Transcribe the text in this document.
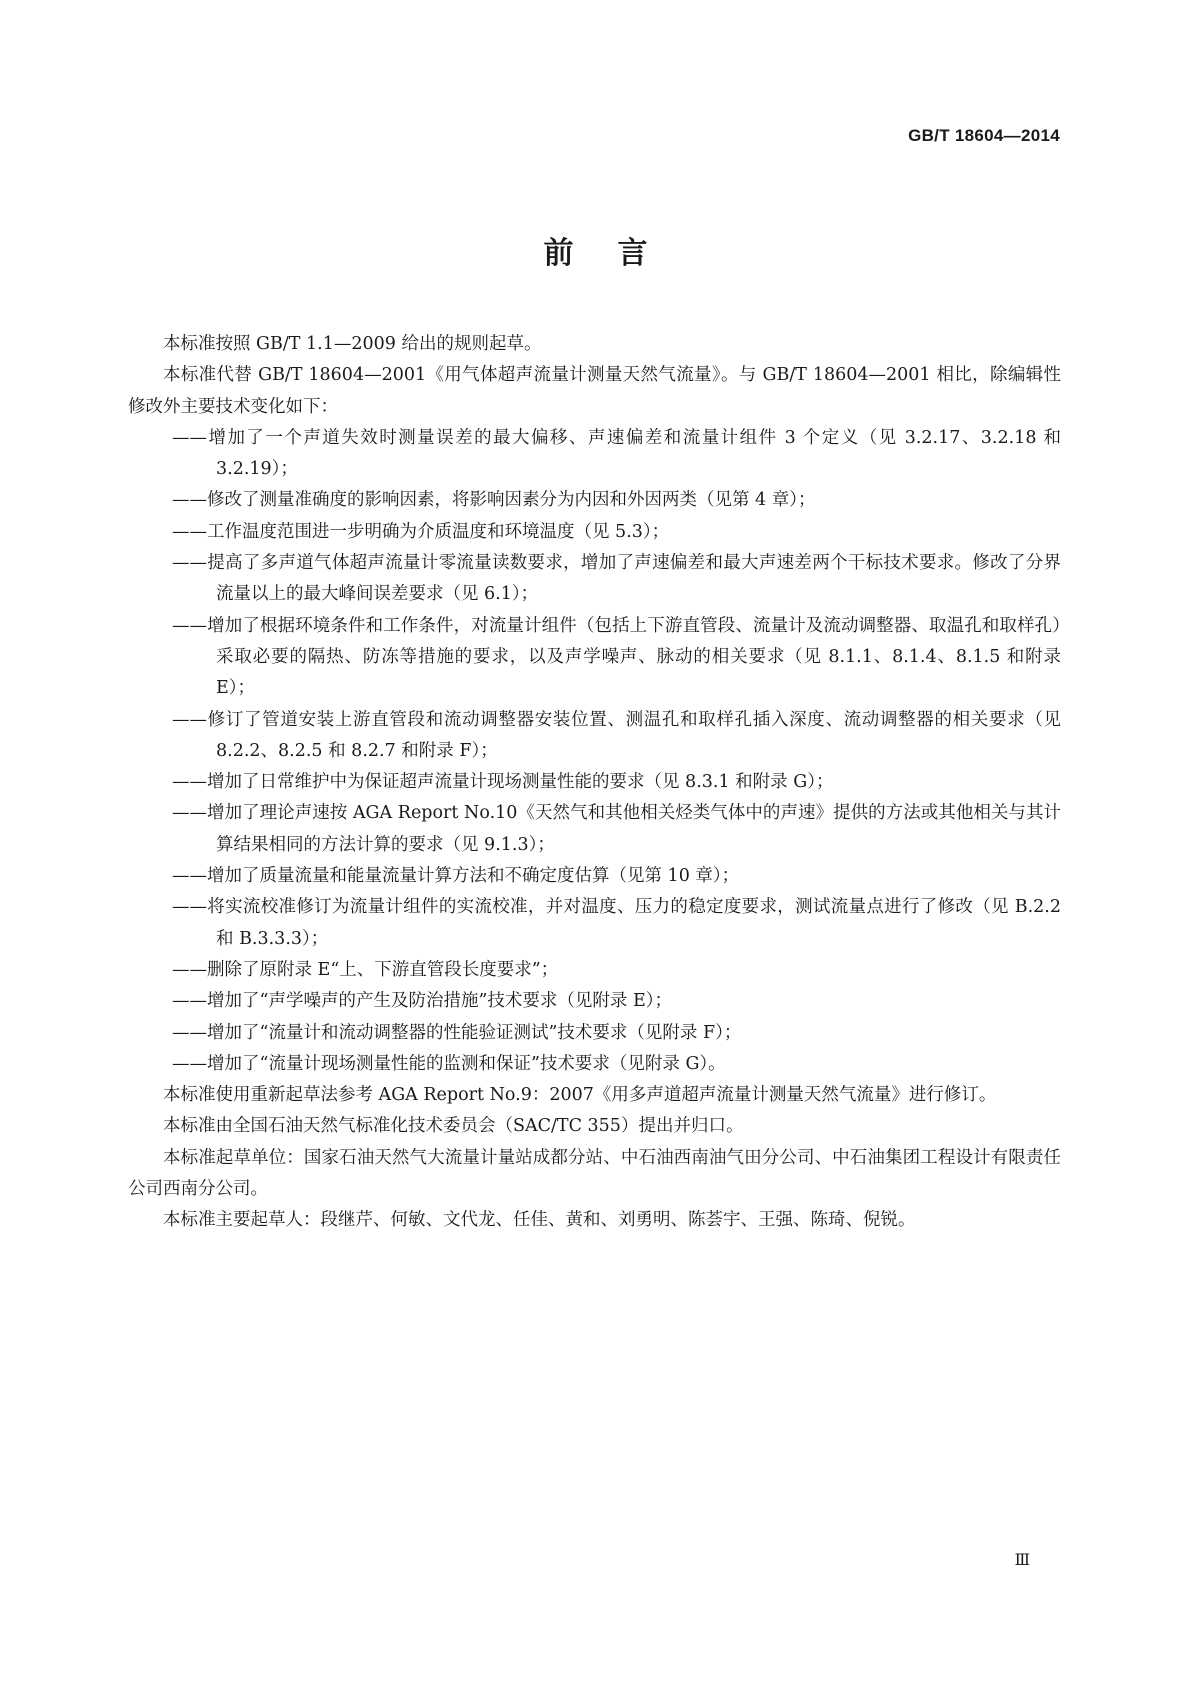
GB/T 18604—2014
前言

本标准按照 GB/T 1.1—2009 给出的规则起草。

本标准代替 GB/T 18604—2001《用气体超声流量计测量天然气流量》。与 GB/T 18604—2001 相比，除编辑性修改外主要技术变化如下：

——增加了一个声道失效时测量误差的最大偏移、声速偏差和流量计组件 3 个定义（见 3.2.17、3.2.18 和 3.2.19）；

——修改了测量准确度的影响因素，将影响因素分为内因和外因两类（见第 4 章）；

——工作温度范围进一步明确为介质温度和环境温度（见 5.3）；

——提高了多声道气体超声流量计零流量读数要求，增加了声速偏差和最大声速差两个干标技术要求。修改了分界流量以上的最大峰间误差要求（见 6.1）；

——增加了根据环境条件和工作条件，对流量计组件（包括上下游直管段、流量计及流动调整器、取温孔和取样孔）采取必要的隔热、防冻等措施的要求，以及声学噪声、脉动的相关要求（见 8.1.1、8.1.4、8.1.5 和附录 E）；

——修订了管道安装上游直管段和流动调整器安装位置、测温孔和取样孔插入深度、流动调整器的相关要求（见 8.2.2、8.2.5 和 8.2.7 和附录 F）；

——增加了日常维护中为保证超声流量计现场测量性能的要求（见 8.3.1 和附录 G）；

——增加了理论声速按 AGA Report No.10《天然气和其他相关烃类气体中的声速》提供的方法或其他相关与其计算结果相同的方法计算的要求（见 9.1.3）；

——增加了质量流量和能量流量计算方法和不确定度估算（见第 10 章）；

——将实流校准修订为流量计组件的实流校准，并对温度、压力的稳定度要求，测试流量点进行了修改（见 B.2.2 和 B.3.3.3）；

——删除了原附录 E“上、下游直管段长度要求”；

——增加了“声学噪声的产生及防治措施”技术要求（见附录 E）；

——增加了“流量计和流动调整器的性能验证测试”技术要求（见附录 F）；

——增加了“流量计现场测量性能的监测和保证”技术要求（见附录 G）。

本标准使用重新起草法参考 AGA Report No.9：2007《用多声道超声流量计测量天然气流量》进行修订。

本标准由全国石油天然气标准化技术委员会（SAC/TC 355）提出并归口。

本标准起草单位：国家石油天然气大流量计量站成都分站、中石油西南油气田分公司、中石油集团工程设计有限责任公司西南分公司。

本标准主要起草人：段继芹、何敏、文代龙、任佳、黄和、刘勇明、陈荟宇、王强、陈琦、倪锐。

Ⅲ
